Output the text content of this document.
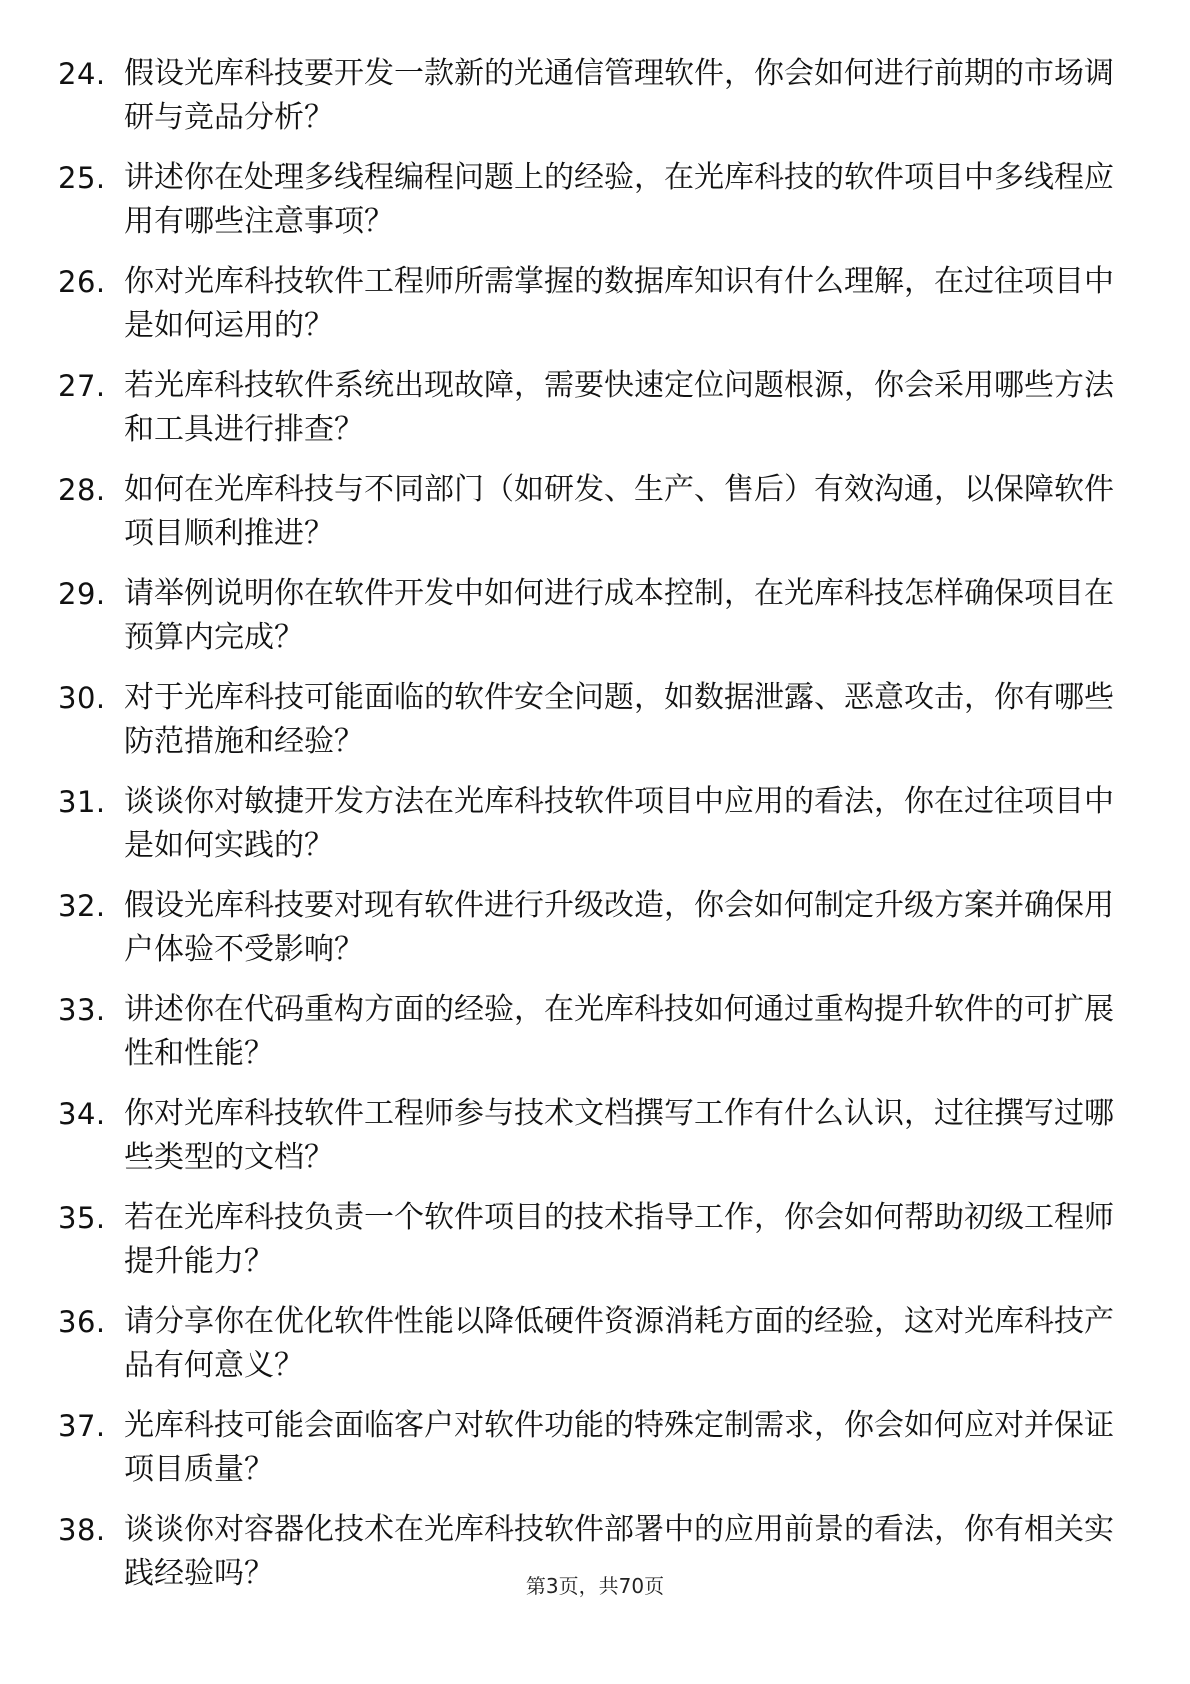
24. 假设光库科技要开发一款新的光通信管理软件，你会如何进行前期的市场调研与竞品分析？
25. 讲述你在处理多线程编程问题上的经验，在光库科技的软件项目中多线程应用有哪些注意事项？
26. 你对光库科技软件工程师所需掌握的数据库知识有什么理解，在过往项目中是如何运用的？
27. 若光库科技软件系统出现故障，需要快速定位问题根源，你会采用哪些方法和工具进行排查？
28. 如何在光库科技与不同部门（如研发、生产、售后）有效沟通，以保障软件项目顺利推进？
29. 请举例说明你在软件开发中如何进行成本控制，在光库科技怎样确保项目在预算内完成？
30. 对于光库科技可能面临的软件安全问题，如数据泄露、恶意攻击，你有哪些防范措施和经验？
31. 谈谈你对敏捷开发方法在光库科技软件项目中应用的看法，你在过往项目中是如何实践的？
32. 假设光库科技要对现有软件进行升级改造，你会如何制定升级方案并确保用户体验不受影响？
33. 讲述你在代码重构方面的经验，在光库科技如何通过重构提升软件的可扩展性和性能？
34. 你对光库科技软件工程师参与技术文档撰写工作有什么认识，过往撰写过哪些类型的文档？
35. 若在光库科技负责一个软件项目的技术指导工作，你会如何帮助初级工程师提升能力？
36. 请分享你在优化软件性能以降低硬件资源消耗方面的经验，这对光库科技产品有何意义？
37. 光库科技可能会面临客户对软件功能的特殊定制需求，你会如何应对并保证项目质量？
38. 谈谈你对容器化技术在光库科技软件部署中的应用前景的看法，你有相关实践经验吗？	第3页，共70页
